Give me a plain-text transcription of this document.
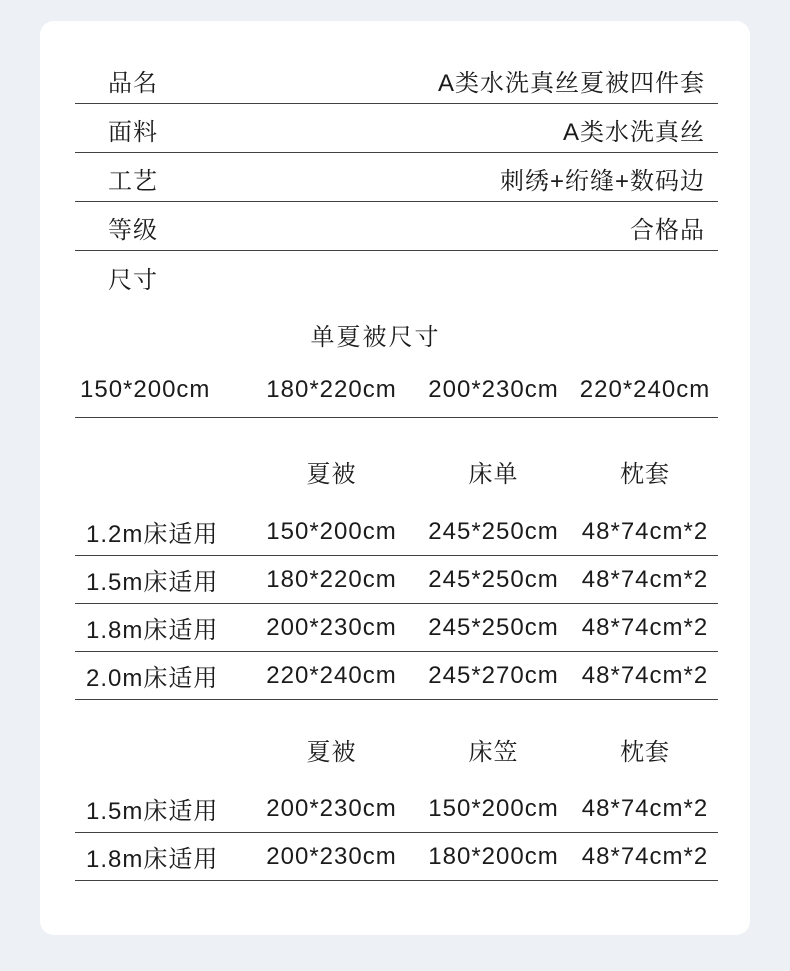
品名	A类水洗真丝夏被四件套
面料	A类水洗真丝
工艺	刺绣+绗缝+数码边
等级	合格品
尺寸
单夏被尺寸
150*200cm	180*220cm	200*230cm 220*240cm
夏被	床单	枕套
1.2m床适用	150*200cm	245*250cm 48*74cm*2
1.5m床适用	180*220cm	245*250cm 48*74cm*2
1.8m床适用	200*230cm	245*250cm 48*74cm*2
2.0m床适用	220*240cm	245*270cm 48*74cm*2
夏被	床笠	枕套
1.5m床适用	200*230cm	150*200cm 48*74cm*2
1.8m床适用	200*230cm	180*200cm 48*74cm*2
